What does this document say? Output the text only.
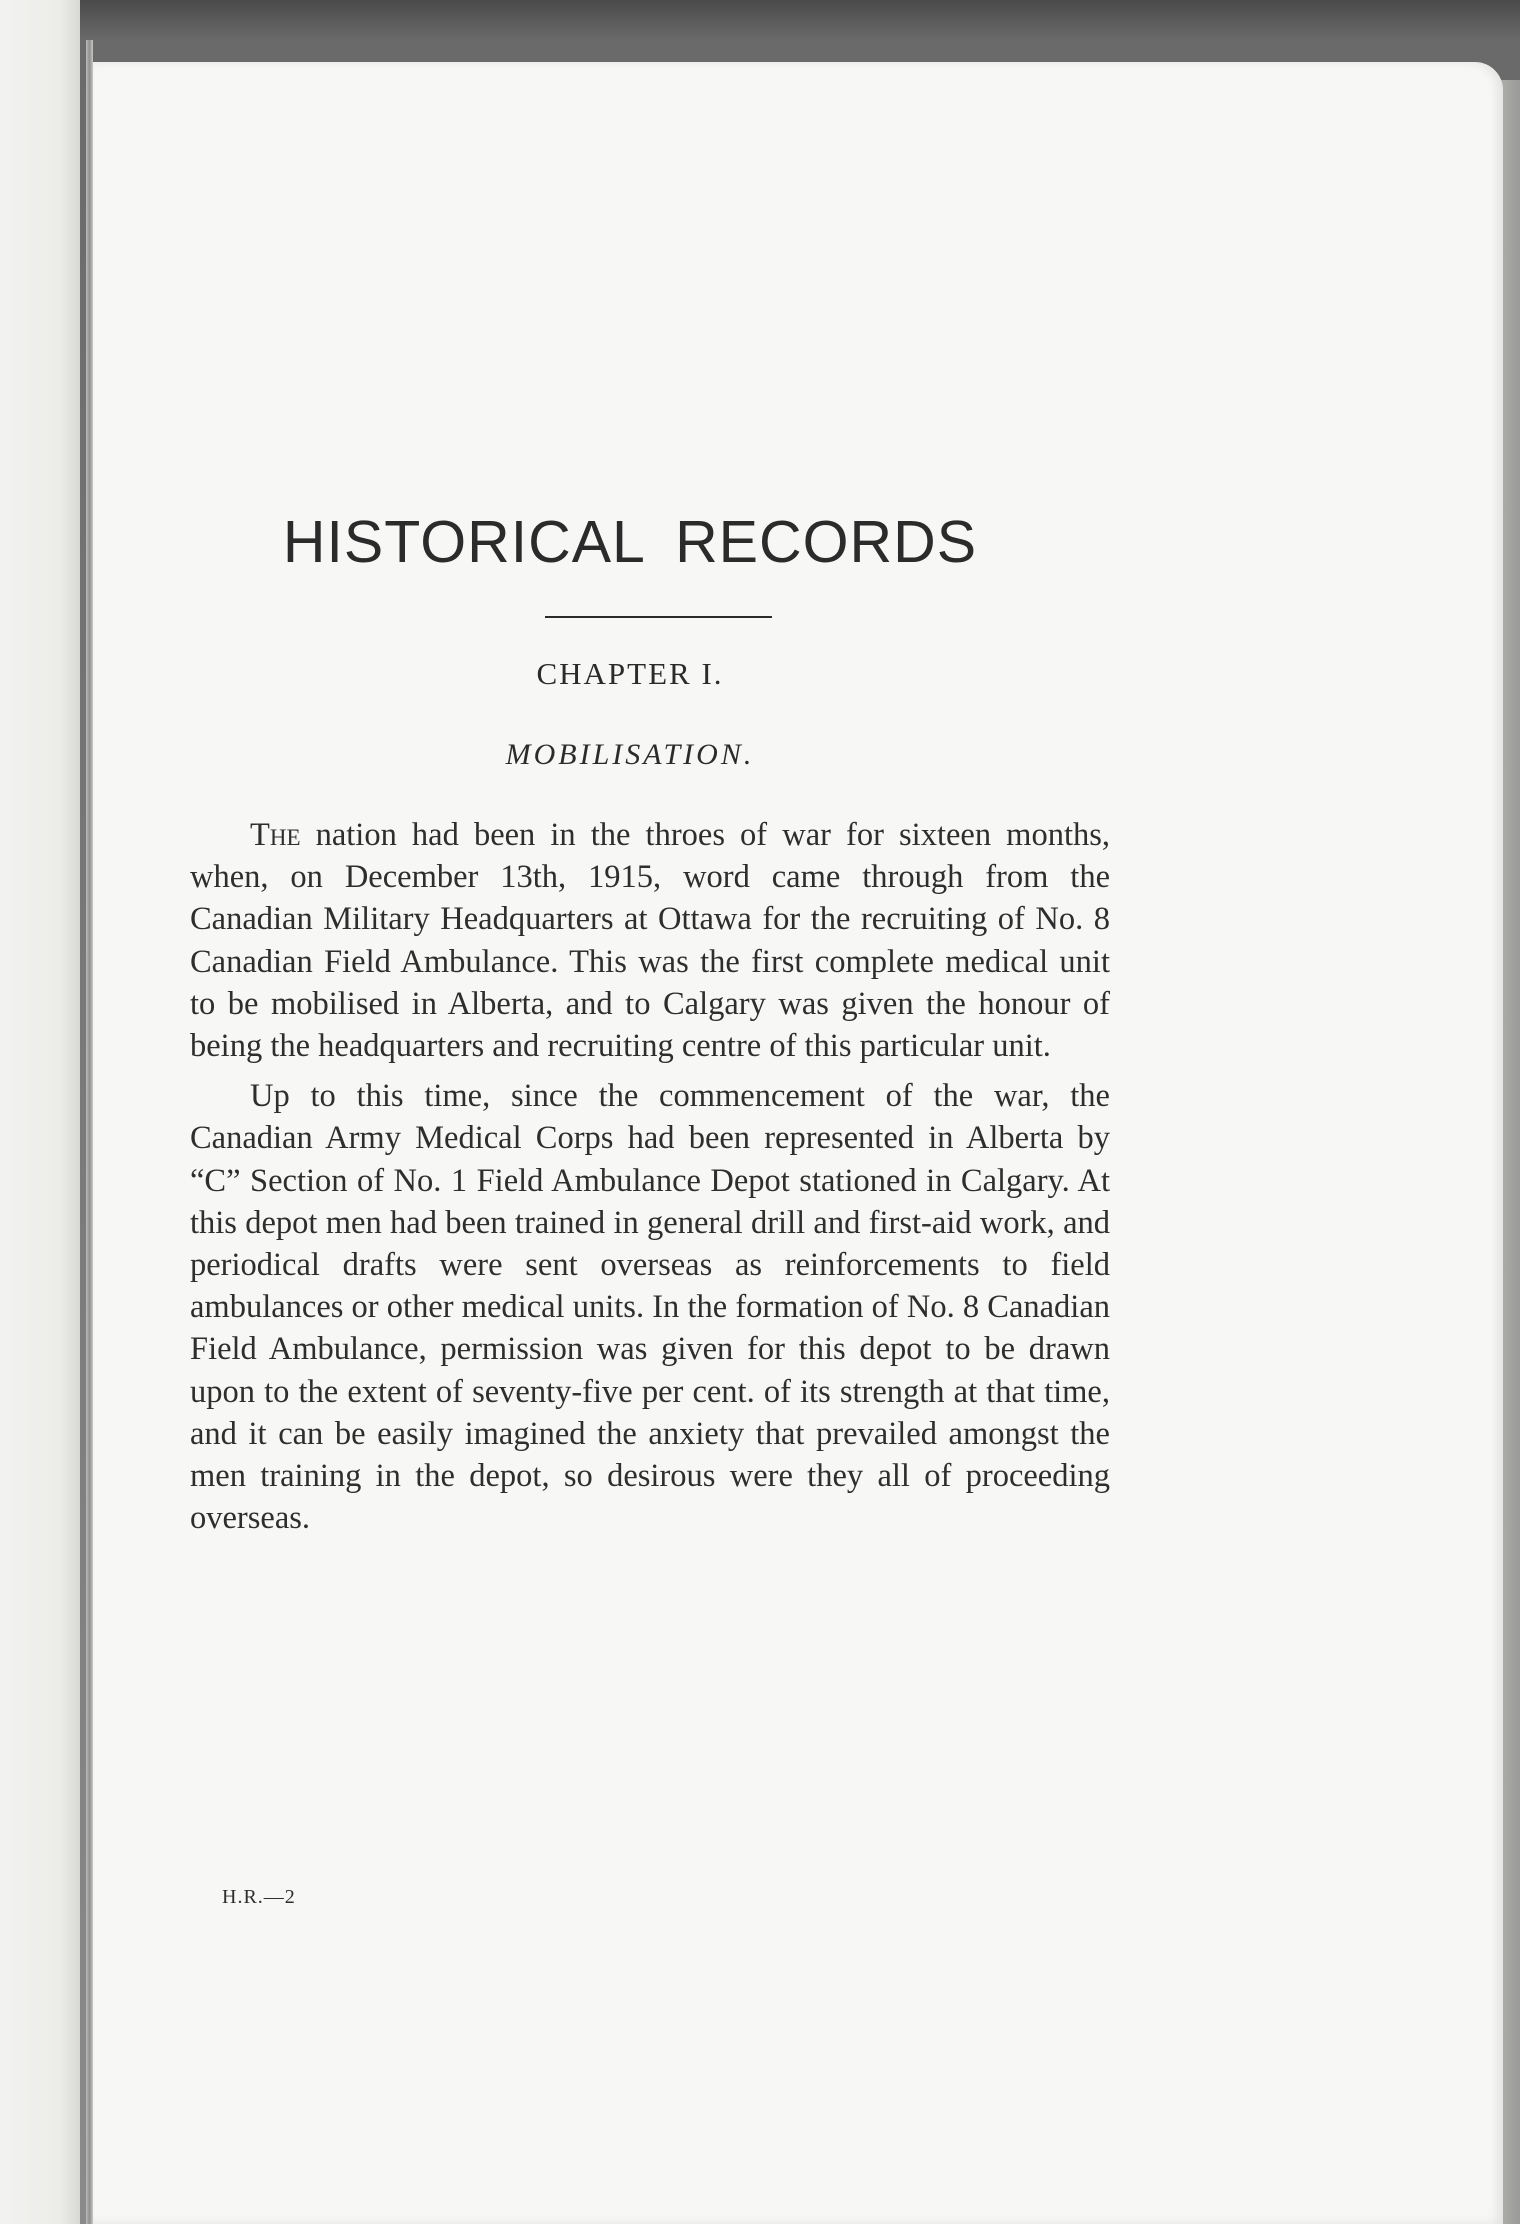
HISTORICAL RECORDS
CHAPTER I.
MOBILISATION.

The nation had been in the throes of war for sixteen months, when, on December 13th, 1915, word came through from the Canadian Military Headquarters at Ottawa for the recruiting of No. 8 Canadian Field Ambulance. This was the first complete medical unit to be mobilised in Alberta, and to Calgary was given the honour of being the headquarters and recruiting centre of this particular unit.

Up to this time, since the commencement of the war, the Canadian Army Medical Corps had been represented in Alberta by “C” Section of No. 1 Field Ambulance Depot stationed in Calgary. At this depot men had been trained in general drill and first-aid work, and periodical drafts were sent overseas as reinforcements to field ambulances or other medical units. In the formation of No. 8 Canadian Field Ambulance, permission was given for this depot to be drawn upon to the extent of seventy-five per cent. of its strength at that time, and it can be easily imagined the anxiety that prevailed amongst the men training in the depot, so desirous were they all of proceeding overseas.

H.R.—2
